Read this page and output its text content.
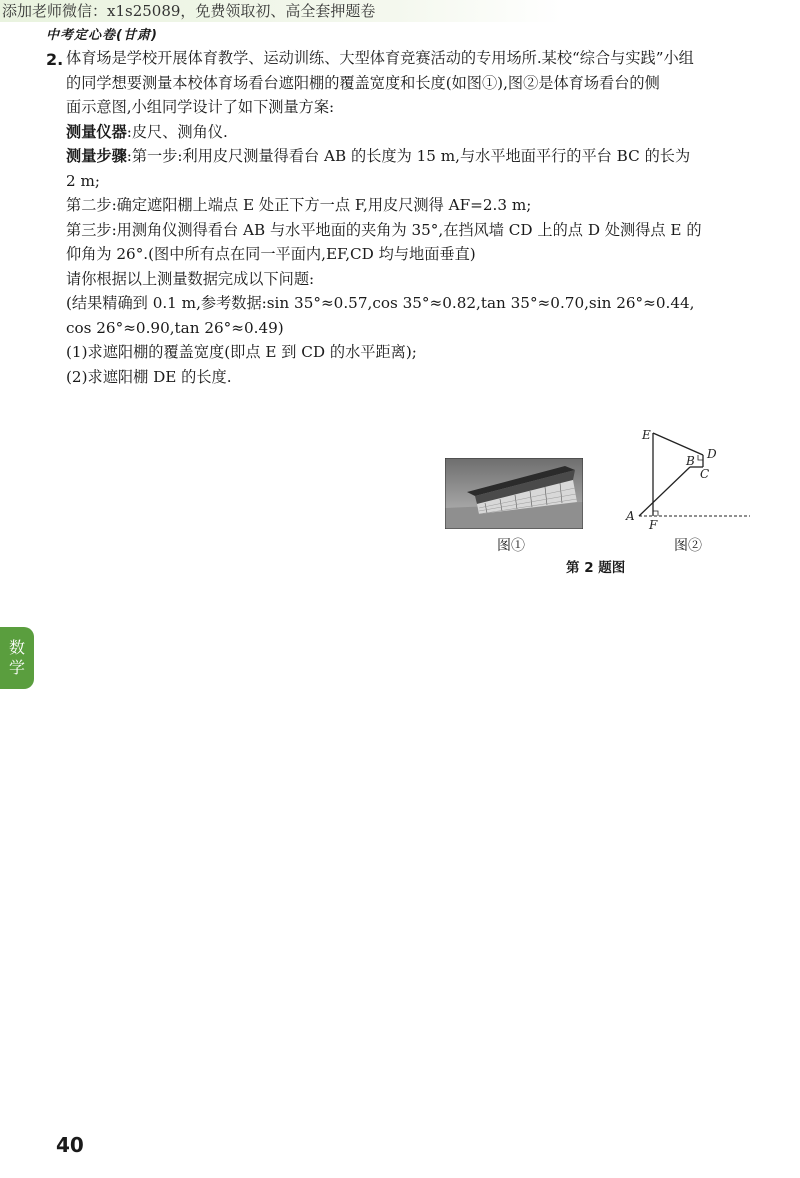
添加老师微信：x1s25089，免费领取初、高全套押题卷
中考定心卷(甘肃)
2. 体育场是学校开展体育教学、运动训练、大型体育竞赛活动的专用场所.某校“综合与实践”小组

的同学想要测量本校体育场看台遮阳棚的覆盖宽度和长度(如图①),图②是体育场看台的侧

面示意图,小组同学设计了如下测量方案:

测量仪器:皮尺、测角仪.

测量步骤:第一步:利用皮尺测量得看台 AB 的长度为 15 m,与水平地面平行的平台 BC 的长为

2 m;

第二步:确定遮阳棚上端点 E 处正下方一点 F,用皮尺测得 AF=2.3 m;

第三步:用测角仪测得看台 AB 与水平地面的夹角为 35°,在挡风墙 CD 上的点 D 处测得点 E 的

仰角为 26°.(图中所有点在同一平面内,EF,CD 均与地面垂直)

请你根据以上测量数据完成以下问题:

(结果精确到 0.1 m,参考数据:sin 35°≈0.57,cos 35°≈0.82,tan 35°≈0.70,sin 26°≈0.44,

cos 26°≈0.90,tan 26°≈0.49)

(1)求遮阳棚的覆盖宽度(即点 E 到 CD 的水平距离);

(2)求遮阳棚 DE 的长度.

E
B D
C
A
F
图①	图②
第 2 题图
数
学
40
